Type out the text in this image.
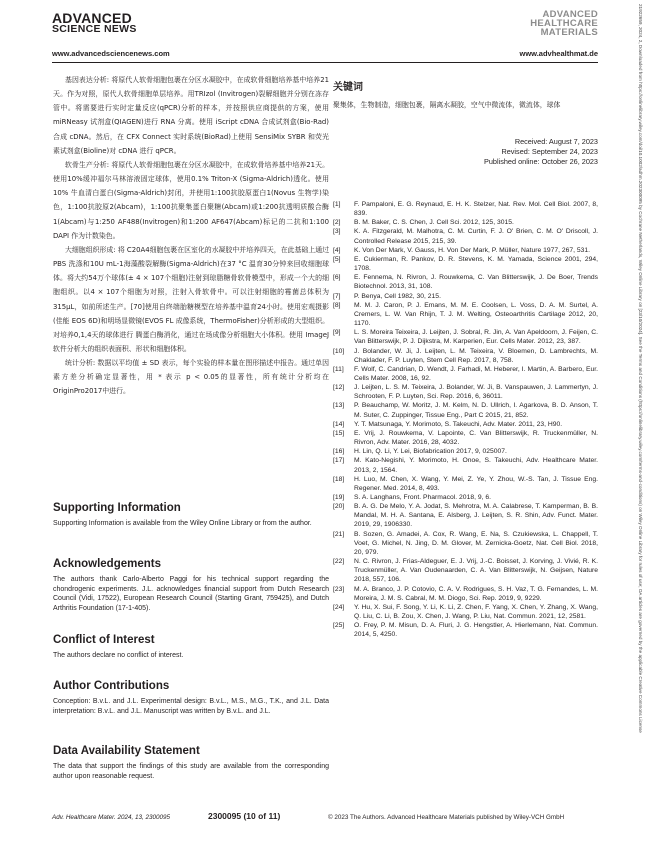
ADVANCED
SCIENCE NEWS
ADVANCED
HEALTHCARE
MATERIALS
www.advancedsciencenews.com	www.advhealthmat.de

基因表达分析: 将原代人软骨细胞包裹在分区水凝胶中，在成软骨细胞培养基中培养21天。作为对照，原代人软骨细胞单层培养。用TRIzol (Invitrogen)裂解细胞并分别在冻存管中。将需要进行实时定量反应(qPCR)分析的样本，并按照供应商提供的方案，使用 miRNeasy 试剂盒(QIAGEN)进行 RNA 分离。使用 iScript cDNA 合成试剂盒(Bio-Rad)合成 cDNA。然后，在 CFX Connect 实时系统(BioRad)上使用 SensiMix SYBR 和荧光素试剂盒(Bioline)对 cDNA 进行 qPCR。

软骨生产分析: 将原代人软骨细胞包裹在分区水凝胶中，在成软骨培养基中培养21天。使用10%缓冲福尔马林溶液固定球体，使用0.1% Triton-X (Sigma-Aldrich)透化。使用10% 牛血清白蛋白(Sigma-Aldrich)封闭，并使用1:100抗胶原蛋白1(Novus 生物学)染色，1:100抗胶原2(Abcam)，1:100抗聚集蛋白聚糖(Abcam)或1:200抗透明质酸合酶1(Abcam)与1:250 AF488(Invitrogen)和1:200 AF647(Abcam)标记的二抗和1:100 DAPI 作为计数染色。

大细胞组织形成: 将 C20A4细胞包裹在区室化的水凝胶中并培养四天，在此基础上通过 PBS 洗涤和10U mL-1海藻酸裂解酶(Sigma-Aldrich)在37 °C 温育30分钟来回收细胞球体。将大约54万个球体(± 4 × 107个细胞)注射到琼脂糖骨软骨模型中，形成一个大的细胞组织。以4 × 107个细胞为对照，注射入骨软骨中。可以注射细胞的霉菌总体积为315μL，如前所述生产。[70]使用自终端胎糖模型在培养基中温育24小时。使用宏观摄影(佳能 EOS 6D)和明场显微镜(EVOS FL 成像系统，ThermoFisher)分析形成的大型组织。对培养0,1,4天的球体进行 腾蛋白酶消化，通过在场成像分析细胞大小体积。使用 ImageJ 软件分析大的组织表面积、形状和细胞体积。

统计分析: 数据以平均值 ± SD 表示，每个实验的样本量在图形描述中报告。通过单因素方差分析确定显著性，用 * 表示 p < 0.05的显著性，所有统计分析均在 OriginPro2017中进行。

Supporting Information

Supporting Information is available from the Wiley Online Library or from the author.

Acknowledgements

The authors thank Carlo-Alberto Paggi for his technical support regarding the chondrogenic experiments. J.L. acknowledges financial support from Dutch Research Council (Vidi, 17522), European Research Council (Starting Grant, 759425), and Dutch Arthritis Foundation (17-1-405).

Conflict of Interest

The authors declare no conflict of interest.

Author Contributions

Conception: B.v.L. and J.L. Experimental design: B.v.L., M.S., M.G., T.K., and J.L. Data interpretation: B.v.L. and J.L. Manuscript was written by B.v.L. and J.L.

Data Availability Statement

The data that support the findings of this study are available from the corresponding author upon reasonable request.

关键词
聚集体，生物制造，细胞包裹，隔离水凝胶，空气中微流体，微流体，球体
Received: August 7, 2023
Revised: September 24, 2023
Published online: October 26, 2023
[1] F. Pampaloni, E. G. Reynaud, E. H. K. Stelzer, Nat. Rev. Mol. Cell Biol. 2007, 8, 839.
[2] B. M. Baker, C. S. Chen, J. Cell Sci. 2012, 125, 3015.
[3] K. A. Fitzgerald, M. Malhotra, C. M. Curtin, F. J. O' Brien, C. M. O' Driscoll, J. Controlled Release 2015, 215, 39.
[4] K. Von Der Mark, V. Gauss, H. Von Der Mark, P. Müller, Nature 1977, 267, 531.
[5] E. Cukierman, R. Pankov, D. R. Stevens, K. M. Yamada, Science 2001, 294, 1708.
[6] E. Fennema, N. Rivron, J. Rouwkema, C. Van Blitterswijk, J. De Boer, Trends Biotechnol. 2013, 31, 108.
[7] P. Benya, Cell 1982, 30, 215.
[8] M. M. J. Caron, P. J. Emans, M. M. E. Coolsen, L. Voss, D. A. M. Surtel, A. Cremers, L. W. Van Rhijn, T. J. M. Welting, Osteoarthritis Cartilage 2012, 20, 1170.
[9] L. S. Moreira Teixeira, J. Leijten, J. Sobral, R. Jin, A. Van Apeldoorn, J. Feijen, C. Van Blitterswijk, P. J. Dijkstra, M. Karperien, Eur. Cells Mater. 2012, 23, 387.
[10] J. Bolander, W. Ji, J. Leijten, L. M. Teixeira, V. Bloemen, D. Lambrechts, M. Chaklader, F. P. Luyten, Stem Cell Rep. 2017, 8, 758.
[11] F. Wolf, C. Candrian, D. Wendt, J. Farhadi, M. Heberer, I. Martin, A. Barbero, Eur. Cells Mater. 2008, 16, 92.
[12] J. Leijten, L. S. M. Teixeira, J. Bolander, W. Ji, B. Vanspauwen, J. Lammertyn, J. Schrooten, F. P. Luyten, Sci. Rep. 2016, 6, 36011.
[13] P. Beauchamp, W. Moritz, J. M. Kelm, N. D. Ullrich, I. Agarkova, B. D. Anson, T. M. Suter, C. Zuppinger, Tissue Eng., Part C 2015, 21, 852.
[14] Y. T. Matsunaga, Y. Morimoto, S. Takeuchi, Adv. Mater. 2011, 23, H90.
[15] E. Vrij, J. Rouwkema, V. Lapointe, C. Van Blitterswijk, R. Truckenmüller, N. Rivron, Adv. Mater. 2016, 28, 4032.
[16] H. Lin, Q. Li, Y. Lei, Biofabrication 2017, 9, 025007.
[17] M. Kato-Negishi, Y. Morimoto, H. Onoe, S. Takeuchi, Adv. Healthcare Mater. 2013, 2, 1564.
[18] H. Luo, M. Chen, X. Wang, Y. Mei, Z. Ye, Y. Zhou, W.-S. Tan, J. Tissue Eng. Regener. Med. 2014, 8, 493.
[19] S. A. Langhans, Front. Pharmacol. 2018, 9, 6.
[20] B. A. G. De Melo, Y. A. Jodat, S. Mehrotra, M. A. Calabrese, T. Kamperman, B. B. Mandal, M. H. A. Santana, E. Alsberg, J. Leijten, S. R. Shin, Adv. Funct. Mater. 2019, 29, 1906330.
[21] B. Sozen, G. Amadei, A. Cox, R. Wang, E. Na, S. Czukiewska, L. Chappell, T. Voet, G. Michel, N. Jing, D. M. Glover, M. Zernicka-Goetz, Nat. Cell Biol. 2018, 20, 979.
[22] N. C. Rivron, J. Frias-Aldeguer, E. J. Vrij, J.-C. Boisset, J. Korving, J. Vivié, R. K. Truckenmüller, A. Van Oudenaarden, C. A. Van Blitterswijk, N. Geijsen, Nature 2018, 557, 106.
[23] M. A. Branco, J. P. Cotovio, C. A. V. Rodrigues, S. H. Vaz, T. G. Fernandes, L. M. Moreira, J. M. S. Cabral, M. M. Diogo, Sci. Rep. 2019, 9, 9229.
[24] Y. Hu, X. Sui, F. Song, Y. Li, K. Li, Z. Chen, F. Yang, X. Chen, Y. Zhang, X. Wang, Q. Liu, C. Li, B. Zou, X. Chen, J. Wang, P. Liu, Nat. Commun. 2021, 12, 2581.
[25] O. Frey, P. M. Misun, D. A. Fluri, J. G. Hengstler, A. Hierlemann, Nat. Commun. 2014, 5, 4250.
Adv. Healthcare Mater. 2024, 13, 2300095	2300095 (10 of 11)	© 2023 The Authors. Advanced Healthcare Materials published by Wiley-VCH GmbH
21922659, 2024, 2, Downloaded from https://onlinelibrary.wiley.com/doi/10.1002/adhm.202300095 by Cochrane Netherlands, Wiley Online Library on [23/10/2024]. See the Terms and Conditions (https://onlinelibrary.wiley.com/terms-and-conditions) on Wiley Online Library for rules of use; OA articles are governed by the applicable Creative Commons License
